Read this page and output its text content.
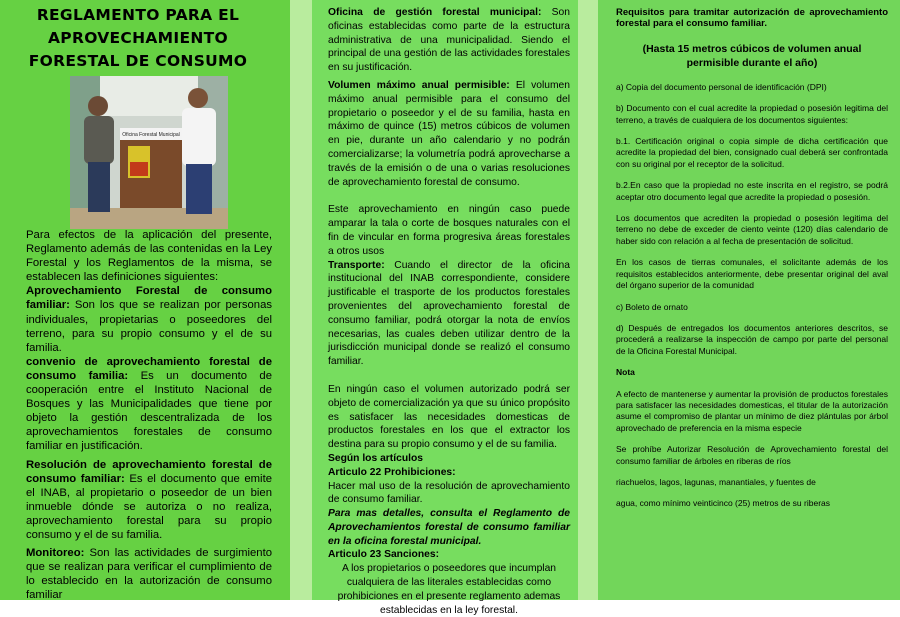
REGLAMENTO PARA EL APROVECHAMIENTO FORESTAL DE CONSUMO
Oficina Forestal Municipal

Para efectos de la aplicación del presente, Reglamento además de las contenidas en la Ley Forestal y los Reglamentos de la misma, se establecen las definiciones siguientes:

Aprovechamiento Forestal de consumo familiar: Son los que se realizan por personas individuales, propietarias o poseedores del terreno, para su propio consumo y el de su familia.

convenio de aprovechamiento forestal de consumo familia: Es un documento de cooperación entre el Instituto Nacional de Bosques y las Municipalidades que tiene por objeto la gestión descentralizada de los aprovechamientos forestales de consumo familiar en justificación.

Resolución de aprovechamiento forestal de consumo familiar: Es el documento que emite el INAB, al propietario o poseedor de un bien inmueble dónde se autoriza o no realiza, aprovechamiento forestal para su propio consumo y el de su familia.

Monitoreo: Son las actividades de surgimiento que se realizan para verificar el cumplimiento de lo establecido en la autorización de consumo familiar

Oficina de gestión forestal municipal: Son oficinas establecidas como parte de la estructura administrativa de una municipalidad. Siendo el principal de una gestión de las actividades forestales en su justificación.

Volumen máximo anual permisible: El volumen máximo anual permisible para el consumo del propietario o poseedor y el de su familia, hasta en máximo de quince (15) metros cúbicos de volumen en pie, durante un año calendario y no podrán comercializarse; la volumetría podrá aprovecharse a través de la emisión o de una o varias resoluciones de aprovechamiento forestal de consumo.

Este aprovechamiento en ningún caso puede amparar la tala o corte de bosques naturales con el fin de vincular en forma progresiva áreas forestales a otros usos

Transporte: Cuando el director de la oficina institucional del INAB correspondiente, considere justificable el trasporte de los productos forestales provenientes del aprovechamiento forestal de consumo familiar, podrá otorgar la nota de envíos necesarias, las cuales deben utilizar dentro de la jurisdicción municipal donde se realizó el consumo familiar.

En ningún caso el volumen autorizado podrá ser objeto de comercialización ya que su único propósito es satisfacer las necesidades domesticas de productos forestales en los que el extractor los destina para su propio consumo y el de su familia.

Según los artículos

Articulo 22 Prohibiciones:

Hacer mal uso de la resolución de aprovechamiento de consumo familiar.

Para mas detalles, consulta el Reglamento de Aprovechamientos forestal de consumo familiar en la oficina forestal municipal.

Articulo 23 Sanciones:

A los propietarios o poseedores que incumplan cualquiera de las literales establecidas como prohibiciones en el presente reglamento ademas establecidas en la ley forestal.

Requisitos para tramitar autorización de aprovechamiento forestal para el consumo familiar.

(Hasta 15 metros cúbicos de volumen anual permisible durante el año)

a) Copia del documento personal de identificación (DPI)

b) Documento con el cual acredite la propiedad o posesión legitima del terreno, a través de cualquiera de los documentos siguientes:

b.1. Certificación original o copia simple de dicha certificación que acredite la propiedad del bien, consignado cual deberá ser confrontada con su original por el receptor de la solicitud.

b.2.En caso que la propiedad no este inscrita en el registro, se podrá aceptar otro documento legal que acredite la propiedad o posesión.

Los documentos que acrediten la propiedad o posesión legitima del terreno no debe de exceder de ciento veinte (120) días calendario de haber sido con relación a al fecha de presentación de solicitud.

En los casos de tierras comunales, el solicitante además de los requisitos establecidos anteriormente, debe presentar original del aval del órgano superior de la comunidad

c) Boleto de ornato

d) Después de entregados los documentos anteriores descritos, se procederá a realizarse la inspección de campo por parte del personal de la Oficina Forestal Municipal.

Nota

A efecto de mantenerse y aumentar la provisión de productos forestales para satisfacer las necesidades domesticas, el titular de la autorización asume el compromiso de plantar un mínimo de diez plántulas por árbol aprovechado de preferencia en la misma especie

Se prohíbe Autorizar Resolución de Aprovechamiento forestal del consumo familiar de árboles en riberas de ríos

riachuelos, lagos, lagunas, manantiales, y fuentes de

agua, como mínimo veinticinco (25) metros de su riberas
